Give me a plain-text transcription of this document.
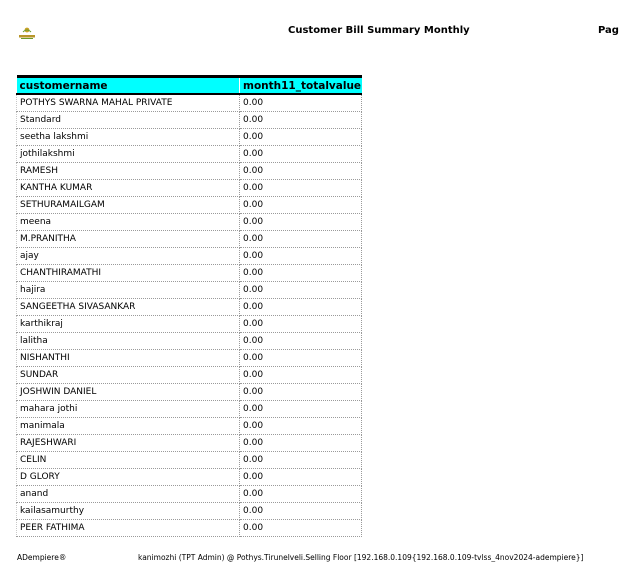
Customer Bill Summary Monthly	Pag
customername	month11_totalvalue
POTHYS SWARNA MAHAL PRIVATE	0.00
Standard	0.00
seetha lakshmi	0.00
jothilakshmi	0.00
RAMESH	0.00
KANTHA KUMAR	0.00
SETHURAMAILGAM	0.00
meena	0.00
M.PRANITHA	0.00
ajay	0.00
CHANTHIRAMATHI	0.00
hajira	0.00
SANGEETHA SIVASANKAR	0.00
karthikraj	0.00
lalitha	0.00
NISHANTHI	0.00
SUNDAR	0.00
JOSHWIN DANIEL	0.00
mahara jothi	0.00
manimala	0.00
RAJESHWARI	0.00
CELIN	0.00
D GLORY	0.00
anand	0.00
kailasamurthy	0.00
PEER FATHIMA	0.00
ADempiere®	kanimozhi (TPT Admin) @ Pothys.Tirunelveli.Selling Floor [192.168.0.109{192.168.0.109-tvlss_4nov2024-adempiere}]
